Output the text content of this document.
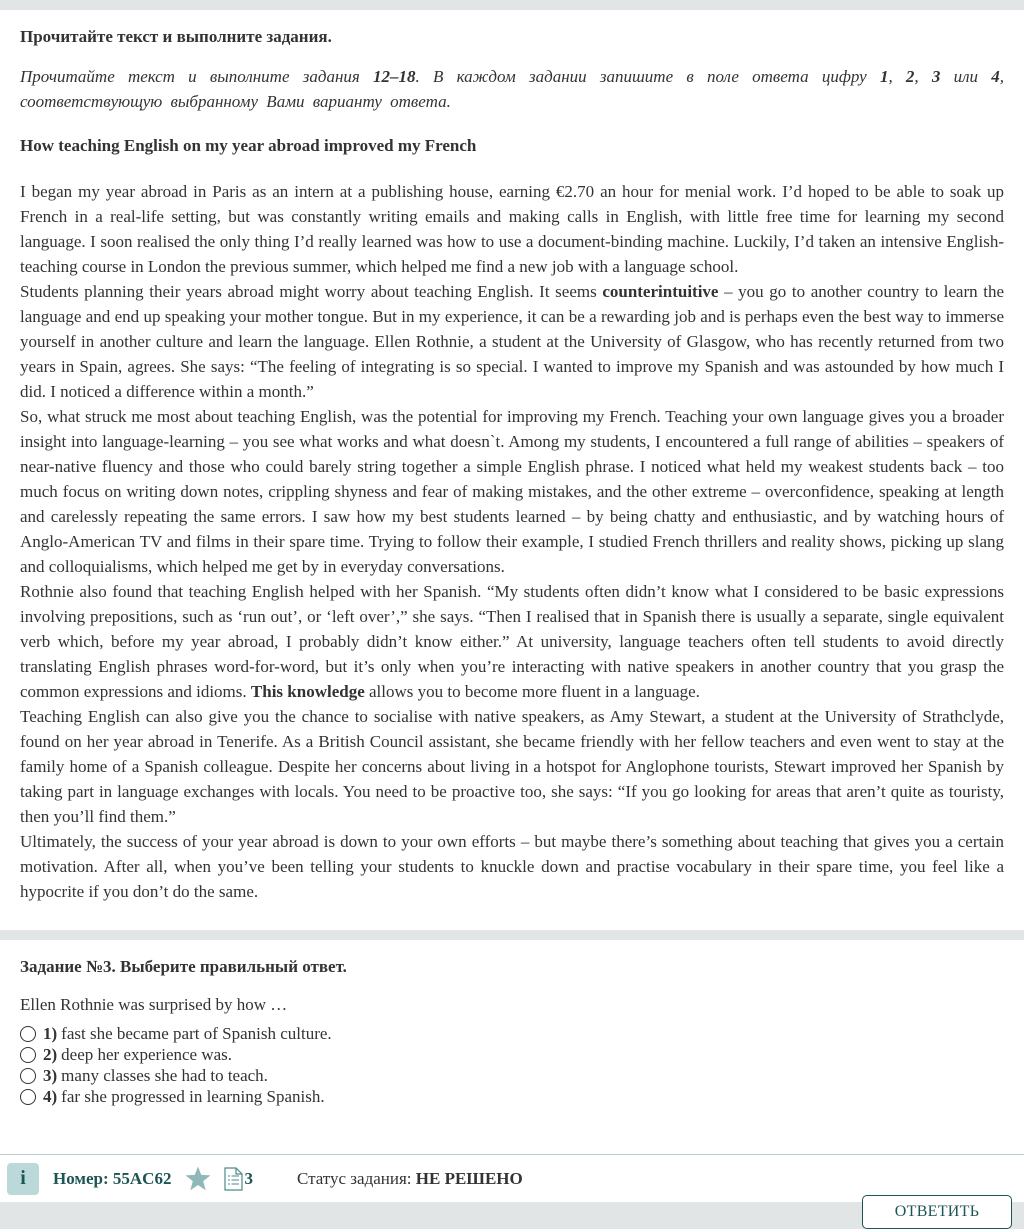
Прочитайте текст и выполните задания.

Прочитайте текст и выполните задания 12–18. В каждом задании запишите в поле ответа цифру 1, 2, 3 или 4, соответствующую выбранному Вами варианту ответа.

How teaching English on my year abroad improved my French

I began my year abroad in Paris as an intern at a publishing house, earning €2.70 an hour for menial work. I’d hoped to be able to soak up French in a real-life setting, but was constantly writing emails and making calls in English, with little free time for learning my second language. I soon realised the only thing I’d really learned was how to use a document-binding machine. Luckily, I’d taken an intensive English-teaching course in London the previous summer, which helped me find a new job with a language school.

Students planning their years abroad might worry about teaching English. It seems counterintuitive – you go to another country to learn the language and end up speaking your mother tongue. But in my experience, it can be a rewarding job and is perhaps even the best way to immerse yourself in another culture and learn the language. Ellen Rothnie, a student at the University of Glasgow, who has recently returned from two years in Spain, agrees. She says: “The feeling of integrating is so special. I wanted to improve my Spanish and was astounded by how much I did. I noticed a difference within a month.”

So, what struck me most about teaching English, was the potential for improving my French. Teaching your own language gives you a broader insight into language-learning – you see what works and what doesn`t. Among my students, I encountered a full range of abilities – speakers of near-native fluency and those who could barely string together a simple English phrase. I noticed what held my weakest students back – too much focus on writing down notes, crippling shyness and fear of making mistakes, and the other extreme – overconfidence, speaking at length and carelessly repeating the same errors. I saw how my best students learned – by being chatty and enthusiastic, and by watching hours of Anglo-American TV and films in their spare time. Trying to follow their example, I studied French thrillers and reality shows, picking up slang and colloquialisms, which helped me get by in everyday conversations.

Rothnie also found that teaching English helped with her Spanish. “My students often didn’t know what I considered to be basic expressions involving prepositions, such as ‘run out’, or ‘left over’,” she says. “Then I realised that in Spanish there is usually a separate, single equivalent verb which, before my year abroad, I probably didn’t know either.” At university, language teachers often tell students to avoid directly translating English phrases word-for-word, but it’s only when you’re interacting with native speakers in another country that you grasp the common expressions and idioms. This knowledge allows you to become more fluent in a language.

Teaching English can also give you the chance to socialise with native speakers, as Amy Stewart, a student at the University of Strathclyde, found on her year abroad in Tenerife. As a British Council assistant, she became friendly with her fellow teachers and even went to stay at the family home of a Spanish colleague. Despite her concerns about living in a hotspot for Anglophone tourists, Stewart improved her Spanish by taking part in language exchanges with locals. You need to be proactive too, she says: “If you go looking for areas that aren’t quite as touristy, then you’ll find them.”

Ultimately, the success of your year abroad is down to your own efforts – but maybe there’s something about teaching that gives you a certain motivation. After all, when you’ve been telling your students to knuckle down and practise vocabulary in their spare time, you feel like a hypocrite if you don’t do the same.

Задание №3. Выберите правильный ответ.
Ellen Rothnie was surprised by how …
1) fast she became part of Spanish culture.
2) deep her experience was.
3) many classes she had to teach.
4) far she progressed in learning Spanish.
i Номер: 55AC62	3	Статус задания: НЕ РЕШЕНО
ОТВЕТИТЬ
